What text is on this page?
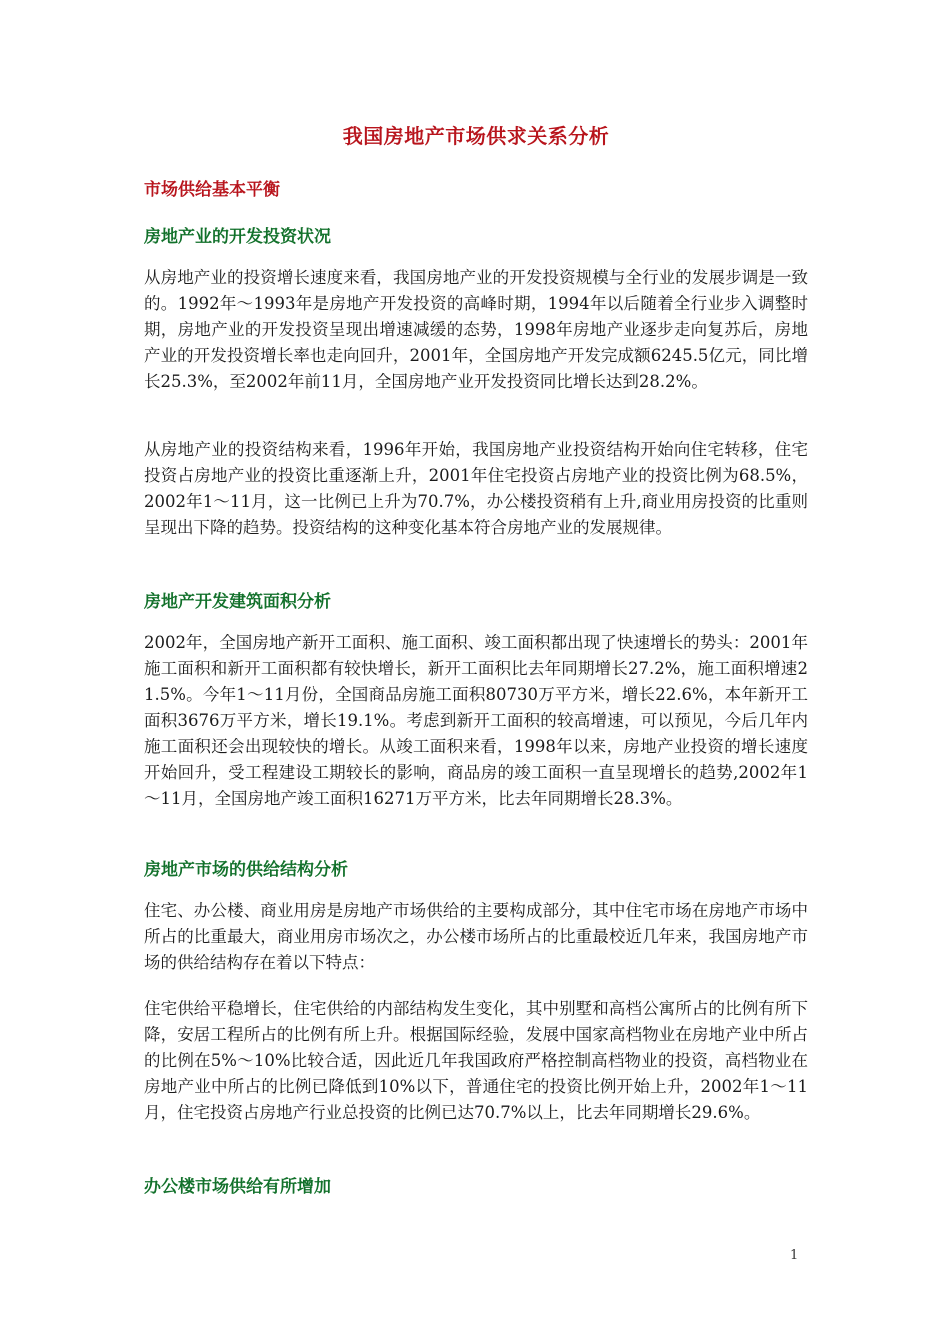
我国房地产市场供求关系分析
市场供给基本平衡
房地产业的开发投资状况

从房地产业的投资增长速度来看，我国房地产业的开发投资规模与全行业的发展步调是一致的。1992年～1993年是房地产开发投资的高峰时期，1994年以后随着全行业步入调整时期，房地产业的开发投资呈现出增速减缓的态势，1998年房地产业逐步走向复苏后，房地产业的开发投资增长率也走向回升，2001年，全国房地产开发完成额6245.5亿元，同比增长25.3%，至2002年前11月，全国房地产业开发投资同比增长达到28.2%。

从房地产业的投资结构来看，1996年开始，我国房地产业投资结构开始向住宅转移，住宅投资占房地产业的投资比重逐渐上升，2001年住宅投资占房地产业的投资比例为68.5%，2002年1～11月，这一比例已上升为70.7%，办公楼投资稍有上升,商业用房投资的比重则呈现出下降的趋势。投资结构的这种变化基本符合房地产业的发展规律。

房地产开发建筑面积分析

2002年，全国房地产新开工面积、施工面积、竣工面积都出现了快速增长的势头：2001年施工面积和新开工面积都有较快增长，新开工面积比去年同期增长27.2%，施工面积增速21.5%。今年1～11月份，全国商品房施工面积80730万平方米，增长22.6%，本年新开工面积3676万平方米，增长19.1%。考虑到新开工面积的较高增速，可以预见，今后几年内施工面积还会出现较快的增长。从竣工面积来看，1998年以来，房地产业投资的增长速度开始回升，受工程建设工期较长的影响，商品房的竣工面积一直呈现增长的趋势,2002年1～11月，全国房地产竣工面积16271万平方米，比去年同期增长28.3%。

房地产市场的供给结构分析

住宅、办公楼、商业用房是房地产市场供给的主要构成部分，其中住宅市场在房地产市场中所占的比重最大，商业用房市场次之，办公楼市场所占的比重最校近几年来，我国房地产市场的供给结构存在着以下特点：

住宅供给平稳增长，住宅供给的内部结构发生变化，其中别墅和高档公寓所占的比例有所下降，安居工程所占的比例有所上升。根据国际经验，发展中国家高档物业在房地产业中所占的比例在5%～10%比较合适，因此近几年我国政府严格控制高档物业的投资，高档物业在房地产业中所占的比例已降低到10%以下，普通住宅的投资比例开始上升，2002年1～11月，住宅投资占房地产行业总投资的比例已达70.7%以上，比去年同期增长29.6%。

办公楼市场供给有所增加
1
